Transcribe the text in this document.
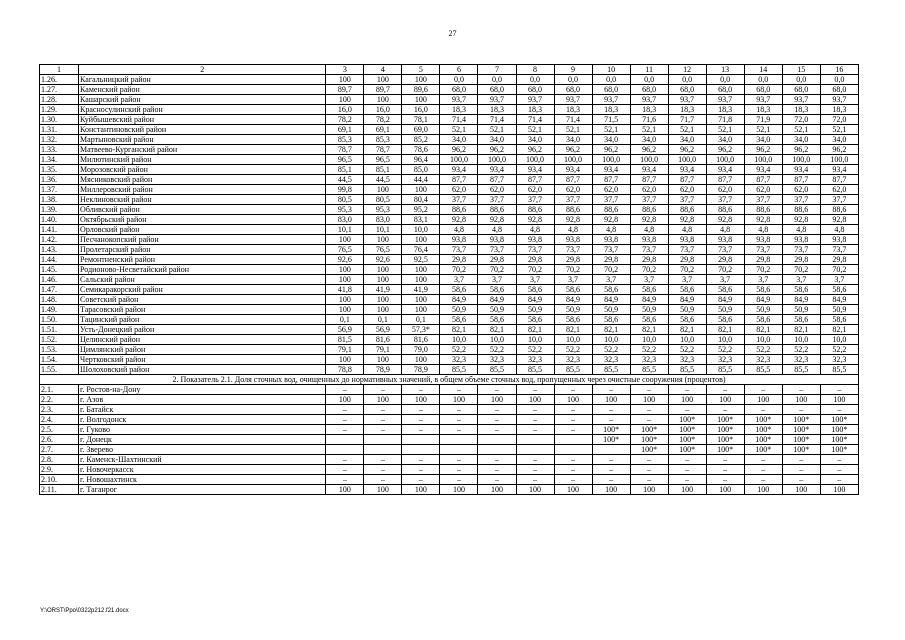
27
1	2	3	4	5	6	7	8	9	10	11	12	13	14	15	16
1.26.	Кагальницкий район	100	100	100	0,0	0,0	0,0	0,0	0,0	0,0	0,0	0,0	0,0	0,0	0,0
1.27.	Каменский район	89,7	89,7	89,6	68,0	68,0	68,0	68,0	68,0	68,0	68,0	68,0	68,0	68,0	68,0
1.28.	Кашарский район	100	100	100	93,7	93,7	93,7	93,7	93,7	93,7	93,7	93,7	93,7	93,7	93,7
1.29.	Красносулинский район	16,0	16,0	16,0	18,3	18,3	18,3	18,3	18,3	18,3	18,3	18,3	18,3	18,3	18,3
1.30.	Куйбышевский район	78,2	78,2	78,1	71,4	71,4	71,4	71,4	71,5	71,6	71,7	71,8	71,9	72,0	72,0
1.31.	Константиновский район	69,1	69,1	69,0	52,1	52,1	52,1	52,1	52,1	52,1	52,1	52,1	52,1	52,1	52,1
1.32.	Мартыновский район	85,3	85,3	85,2	34,0	34,0	34,0	34,0	34,0	34,0	34,0	34,0	34,0	34,0	34,0
1.33.	Матвеево-Курганский район	78,7	78,7	78,6	96,2	96,2	96,2	96,2	96,2	96,2	96,2	96,2	96,2	96,2	96,2
1.34.	Милютинский район	96,5	96,5	96,4	100,0	100,0	100,0	100,0	100,0	100,0	100,0	100,0	100,0	100,0	100,0
1.35.	Морозовский район	85,1	85,1	85,0	93,4	93,4	93,4	93,4	93,4	93,4	93,4	93,4	93,4	93,4	93,4
1.36.	Мясниковский район	44,5	44,5	44,4	87,7	87,7	87,7	87,7	87,7	87,7	87,7	87,7	87,7	87,7	87,7
1.37.	Миллеровский район	99,8	100	100	62,0	62,0	62,0	62,0	62,0	62,0	62,0	62,0	62,0	62,0	62,0
1.38.	Неклиновский район	80,5	80,5	80,4	37,7	37,7	37,7	37,7	37,7	37,7	37,7	37,7	37,7	37,7	37,7
1.39.	Обливский район	95,3	95,3	95,2	88,6	88,6	88,6	88,6	88,6	88,6	88,6	88,6	88,6	88,6	88,6
1.40.	Октябрьский район	83,0	83,0	83,1	92,8	92,8	92,8	92,8	92,8	92,8	92,8	92,8	92,8	92,8	92,8
1.41.	Орловский район	10,1	10,1	10,0	4,8	4,8	4,8	4,8	4,8	4,8	4,8	4,8	4,8	4,8	4,8
1.42.	Песчанокопский район	100	100	100	93,8	93,8	93,8	93,8	93,8	93,8	93,8	93,8	93,8	93,8	93,8
1.43.	Пролетарский район	76,5	76,5	76,4	73,7	73,7	73,7	73,7	73,7	73,7	73,7	73,7	73,7	73,7	73,7
1.44.	Ремонтненский район	92,6	92,6	92,5	29,8	29,8	29,8	29,8	29,8	29,8	29,8	29,8	29,8	29,8	29,8
1.45.	Родионово-Несветайский район	100	100	100	70,2	70,2	70,2	70,2	70,2	70,2	70,2	70,2	70,2	70,2	70,2
1.46.	Сальский район	100	100	100	3,7	3,7	3,7	3,7	3,7	3,7	3,7	3,7	3,7	3,7	3,7
1.47.	Семикаракорский район	41,8	41,9	41,9	58,6	58,6	58,6	58,6	58,6	58,6	58,6	58,6	58,6	58,6	58,6
1.48.	Советский район	100	100	100	84,9	84,9	84,9	84,9	84,9	84,9	84,9	84,9	84,9	84,9	84,9
1.49.	Тарасовский район	100	100	100	50,9	50,9	50,9	50,9	50,9	50,9	50,9	50,9	50,9	50,9	50,9
1.50.	Тацинский район	0,1	0,1	0,1	58,6	58,6	58,6	58,6	58,6	58,6	58,6	58,6	58,6	58,6	58,6
1.51.	Усть-Донецкий район	56,9	56,9	57,3*	82,1	82,1	82,1	82,1	82,1	82,1	82,1	82,1	82,1	82,1	82,1
1.52.	Целинский район	81,5	81,6	81,6	10,0	10,0	10,0	10,0	10,0	10,0	10,0	10,0	10,0	10,0	10,0
1.53.	Цимлянский район	79,1	79,1	79,0	52,2	52,2	52,2	52,2	52,2	52,2	52,2	52,2	52,2	52,2	52,2
1.54.	Чертковский район	100	100	100	32,3	32,3	32,3	32,3	32,3	32,3	32,3	32,3	32,3	32,3	32,3
1.55.	Шолоховский район	78,8	78,9	78,9	85,5	85,5	85,5	85,5	85,5	85,5	85,5	85,5	85,5	85,5	85,5
2. Показатель 2.1. Доля сточных вод, очищенных до нормативных значений, в общем объеме сточных вод, пропущенных через очистные сооружения (процентов)															
2.1.	г. Ростов-на-Дону	–	–	–	–	–	–	–	–	–	–	–	–	–	–
2.2.	г. Азов	100	100	100	100	100	100	100	100	100	100	100	100	100	100
2.3.	г. Батайск	–	–	–	–	–	–	–	–	–	–	–	–	–	–
2.4.	г. Волгодонск	–	–	–	–	–	–	–	–	–	100*	100*	100*	100*	100*
2.5.	г. Гуково	–	–	–	–	–	–	–	100*	100*	100*	100*	100*	100*	100*
2.6.	г. Донецк								100*	100*	100*	100*	100*	100*	100*
2.7.	г. Зверево									100*	100*	100*	100*	100*	100*
2.8.	г. Каменск-Шахтинский	–	–	–	–	–	–	–	–	–	–	–	–	–	–
2.9.	г. Новочеркасск	–	–	–	–	–	–	–	–	–	–	–	–	–	–
2.10.	г. Новошахтинск	–	–	–	–	–	–	–	–	–	–	–	–	–	–
2.11.	г. Таганрог	100	100	100	100	100	100	100	100	100	100	100	100	100	100
Y:\ORST\Ppo\0322p212.f21.docx
